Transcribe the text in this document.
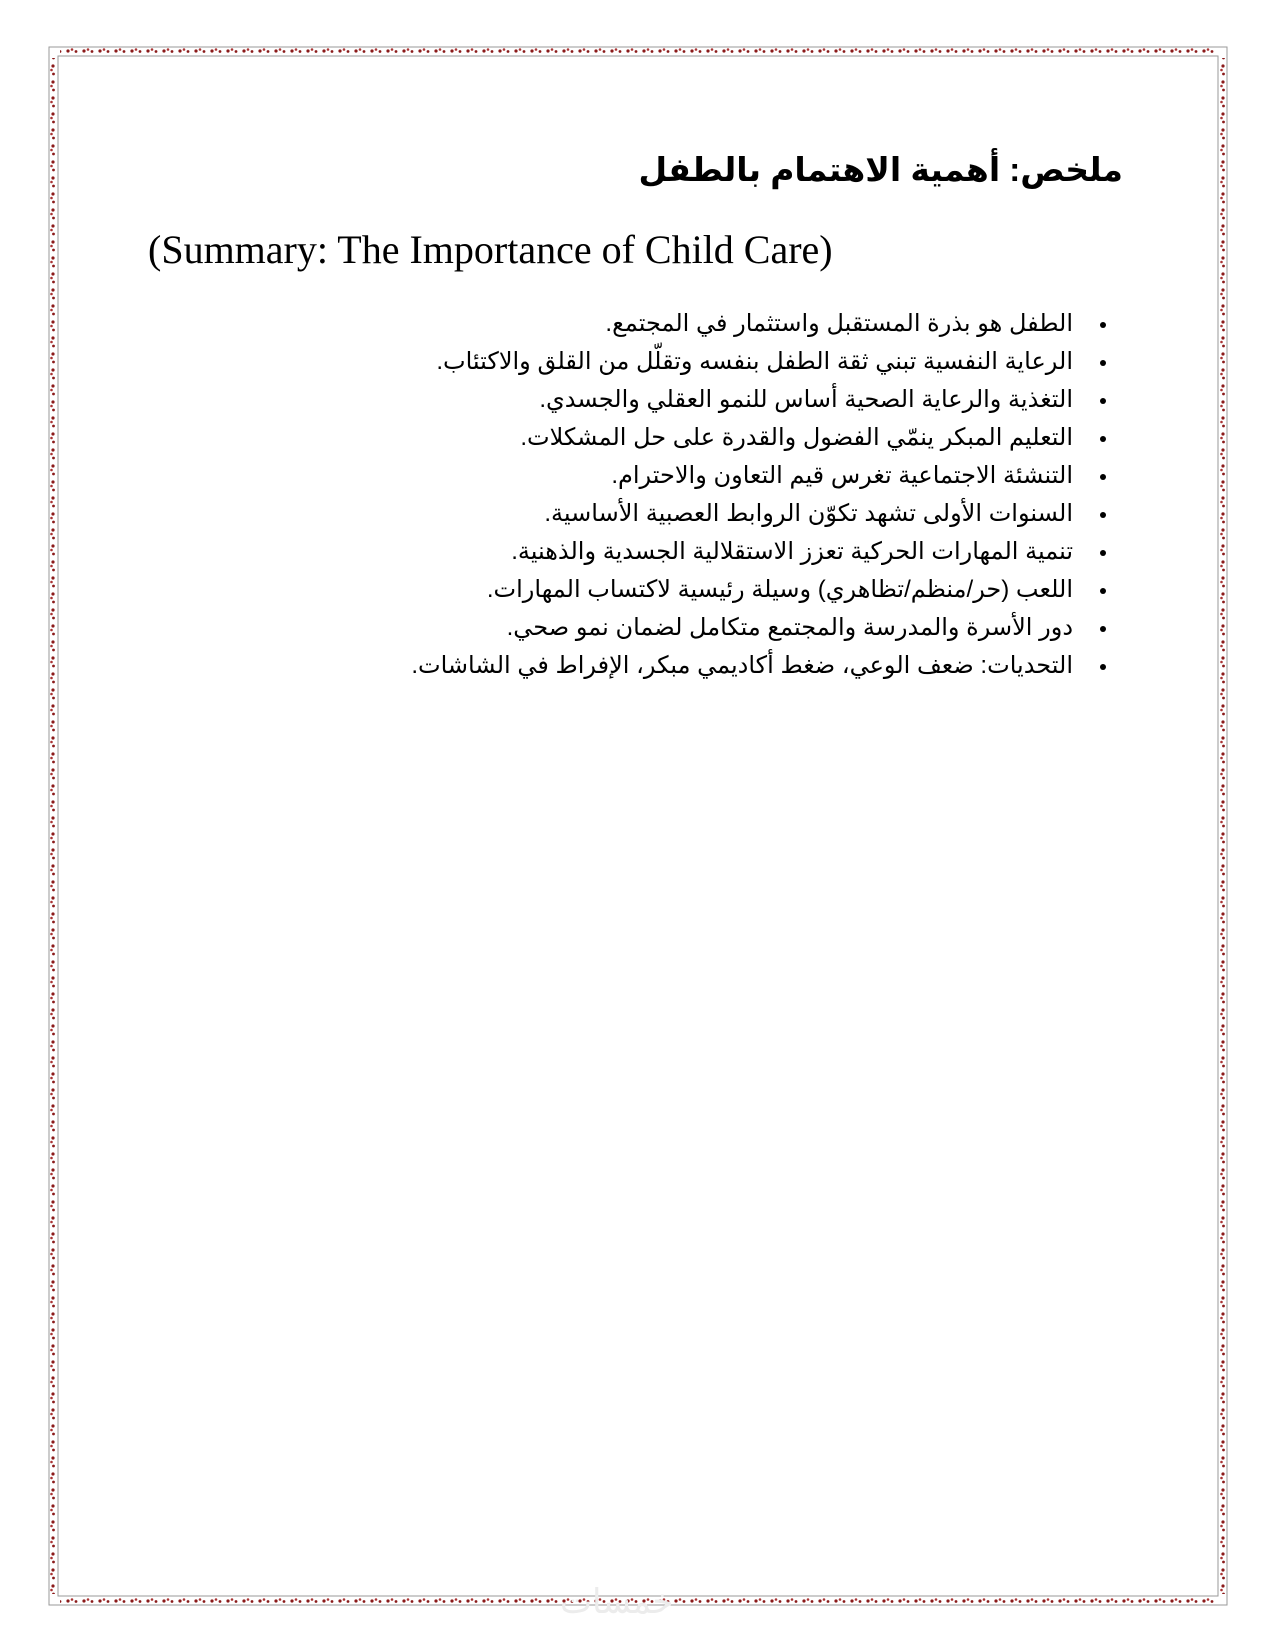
ملخص: أهمية الاهتمام بالطفل
(Summary: The Importance of Child Care)
الطفل هو بذرة المستقبل واستثمار في المجتمع.
الرعاية النفسية تبني ثقة الطفل بنفسه وتقلّل من القلق والاكتئاب.
التغذية والرعاية الصحية أساس للنمو العقلي والجسدي.
التعليم المبكر ينمّي الفضول والقدرة على حل المشكلات.
التنشئة الاجتماعية تغرس قيم التعاون والاحترام.
السنوات الأولى تشهد تكوّن الروابط العصبية الأساسية.
تنمية المهارات الحركية تعزز الاستقلالية الجسدية والذهنية.
اللعب (حر/منظم/تظاهري) وسيلة رئيسية لاكتساب المهارات.
دور الأسرة والمدرسة والمجتمع متكامل لضمان نمو صحي.
التحديات: ضعف الوعي، ضغط أكاديمي مبكر، الإفراط في الشاشات.
خمسات
